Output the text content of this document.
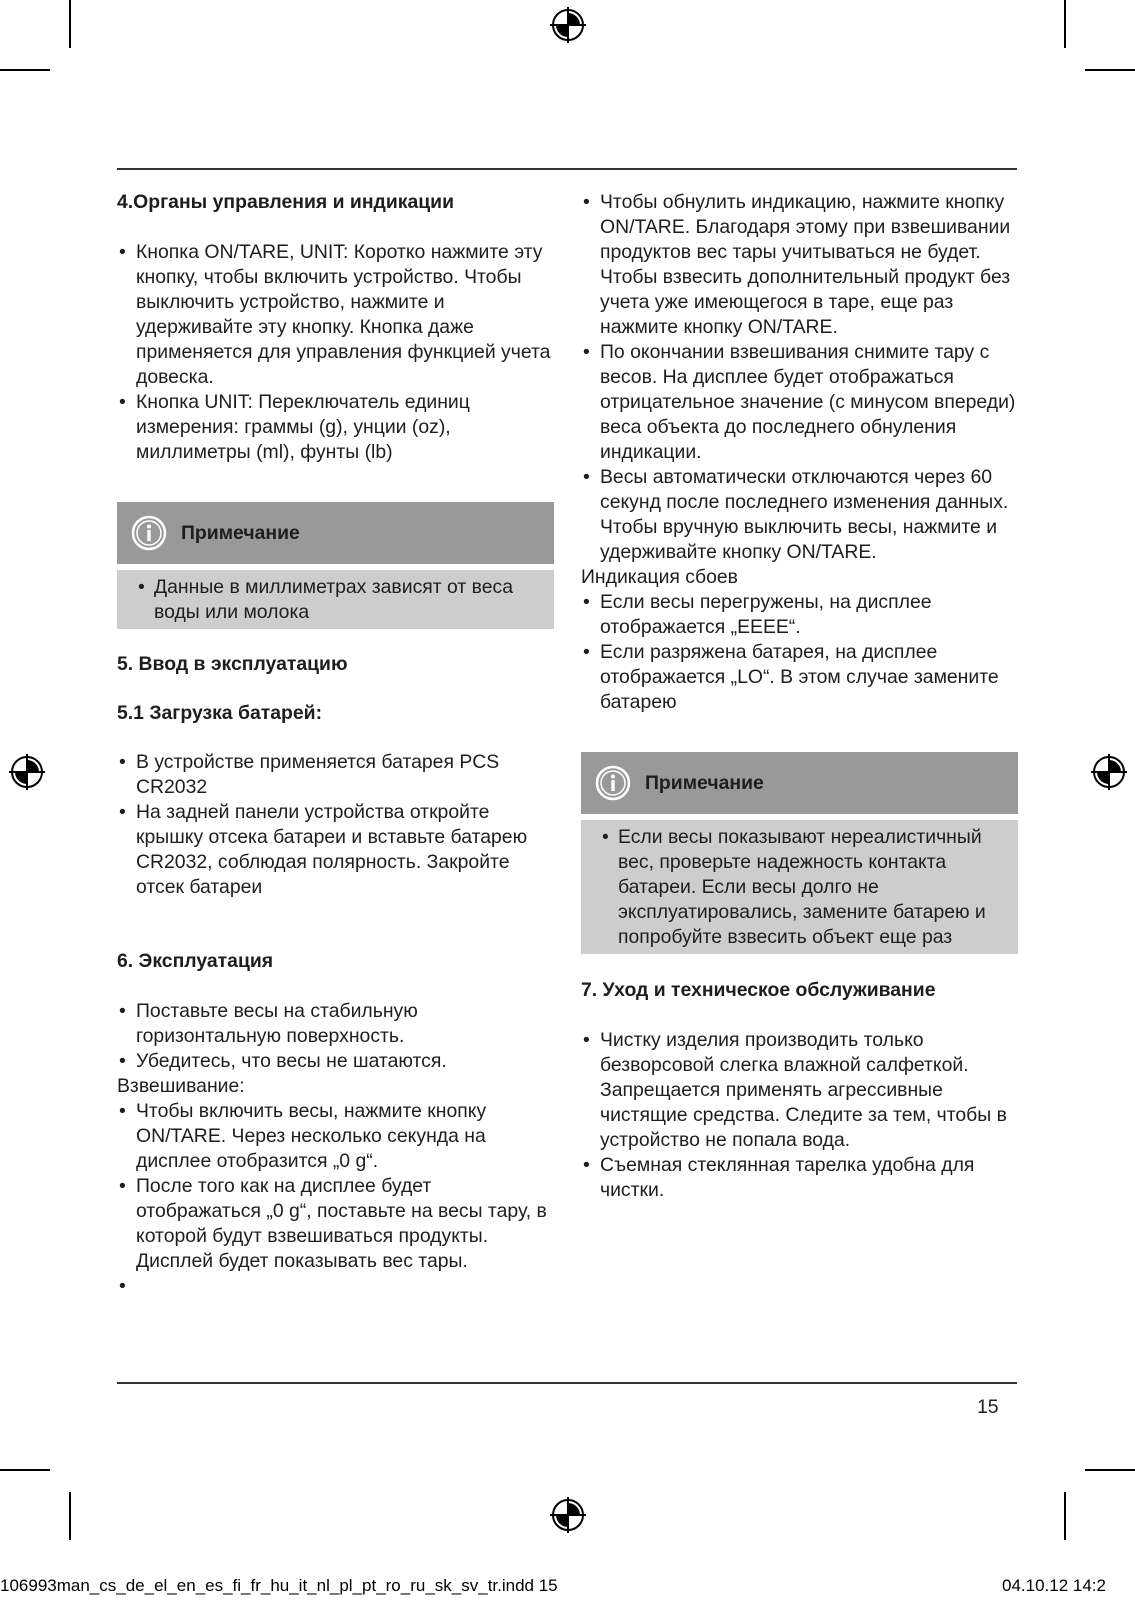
4.Органы управления и индикации
• Кнопка ON/TARE, UNIT: Коротко нажмите эту кнопку, чтобы включить устройство. Чтобы выключить устройство, нажмите и удерживайте эту кнопку. Кнопка даже применяется для управления функцией учета довеска.
• Кнопка UNIT: Переключатель единиц измерения: граммы (g), унции (oz), миллиметры (ml), фунты (lb)
Примечание
• Данные в миллиметрах зависят от веса воды или молока
5. Ввод в эксплуатацию
5.1 Загрузка батарей:
• В устройстве применяется батарея PCS CR2032
• На задней панели устройства откройте крышку отсека батареи и вставьте батарею CR2032, соблюдая полярность. Закройте отсек батареи
6. Эксплуатация
• Поставьте весы на стабильную горизонтальную поверхность.
• Убедитесь, что весы не шатаются.

Взвешивание:

• Чтобы включить весы, нажмите кнопку ON/TARE. Через несколько секунда на дисплее отобразится „0 g“.
• После того как на дисплее будет отображаться „0 g“, поставьте на весы тару, в которой будут взвешиваться продукты. Дисплей будет показывать вес тары.
•
• Чтобы обнулить индикацию, нажмите кнопку ON/TARE. Благодаря этому при взвешивании продуктов вес тары учитываться не будет. Чтобы взвесить дополнительный продукт без учета уже имеющегося в таре, еще раз нажмите кнопку ON/TARE.
• По окончании взвешивания снимите тару с весов. На дисплее будет отображаться отрицательное значение (с минусом впереди) веса объекта до последнего обнуления индикации.
• Весы автоматически отключаются через 60 секунд после последнего изменения данных. Чтобы вручную выключить весы, нажмите и удерживайте кнопку ON/TARE.

Индикация сбоев

• Если весы перегружены, на дисплее отображается „EEEE“.
• Если разряжена батарея, на дисплее отображается „LO“. В этом случае замените батарею
Примечание
• Если весы показывают нереалистичный вес, проверьте надежность контакта батареи. Если весы долго не эксплуатировались, замените батарею и попробуйте взвесить объект еще раз
7. Уход и техническое обслуживание
• Чистку изделия производить только безворсовой слегка влажной салфеткой. Запрещается применять агрессивные чистящие средства. Следите за тем, чтобы в устройство не попала вода.
• Съемная стеклянная тарелка удобна для чистки.
15
106993man_cs_de_el_en_es_fi_fr_hu_it_nl_pl_pt_ro_ru_sk_sv_tr.indd 15	04.10.12 14:2
